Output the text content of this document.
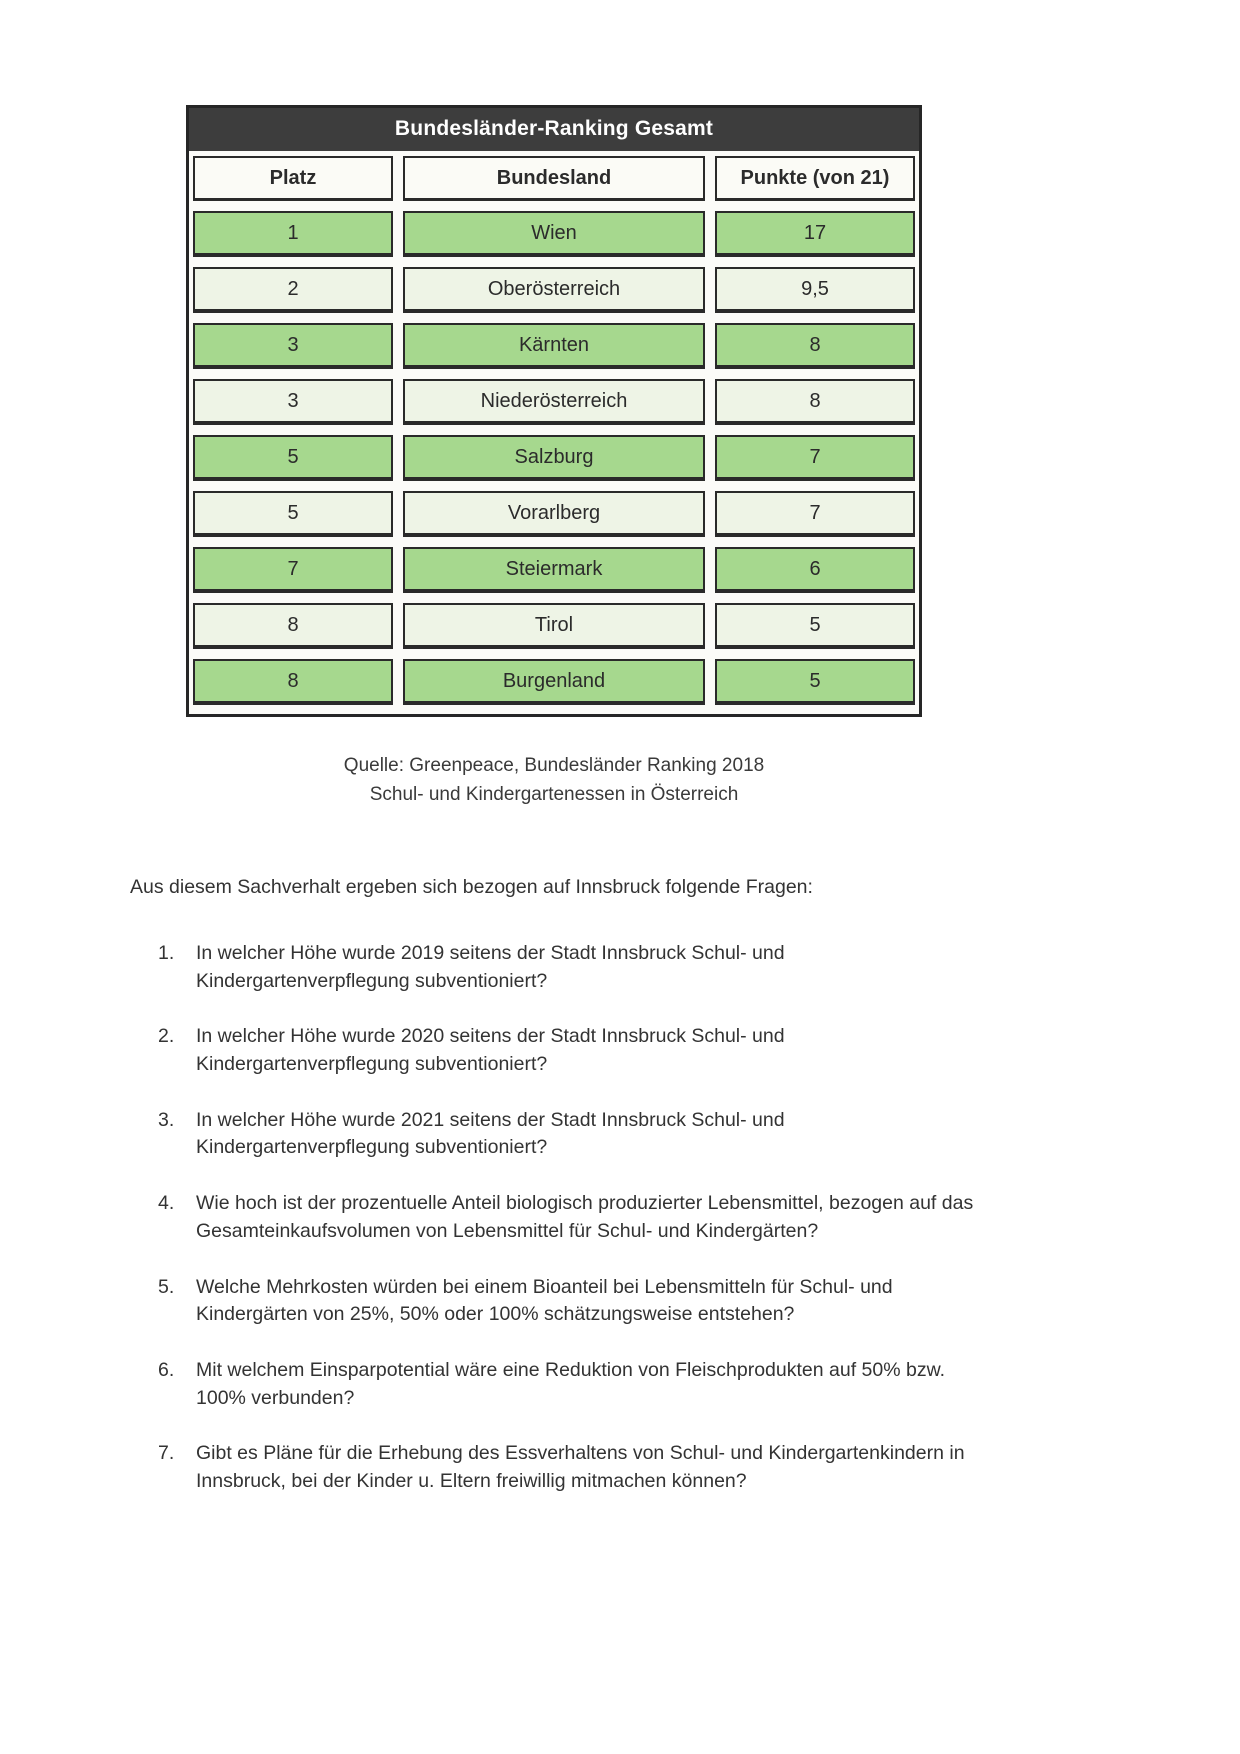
Bundesländer-Ranking Gesamt
Platz	Bundesland	Punkte (von 21)
1	Wien	17
2	Oberösterreich	9,5
3	Kärnten	8
3	Niederösterreich	8
5	Salzburg	7
5	Vorarlberg	7
7	Steiermark	6
8	Tirol	5
8	Burgenland	5
Quelle: Greenpeace, Bundesländer Ranking 2018
Schul- und Kindergartenessen in Österreich
Aus diesem Sachverhalt ergeben sich bezogen auf Innsbruck folgende Fragen:
1.	In welcher Höhe wurde 2019 seitens der Stadt Innsbruck Schul- und Kindergartenverpflegung subventioniert?
2.	In welcher Höhe wurde 2020 seitens der Stadt Innsbruck Schul- und Kindergartenverpflegung subventioniert?
3.	In welcher Höhe wurde 2021 seitens der Stadt Innsbruck Schul- und Kindergartenverpflegung subventioniert?
4.	Wie hoch ist der prozentuelle Anteil biologisch produzierter Lebensmittel, bezogen auf das Gesamteinkaufsvolumen von Lebensmittel für Schul- und Kindergärten?
5.	Welche Mehrkosten würden bei einem Bioanteil bei Lebensmitteln für Schul- und Kindergärten von 25%, 50% oder 100% schätzungsweise entstehen?
6.	Mit welchem Einsparpotential wäre eine Reduktion von Fleischprodukten auf 50% bzw. 100% verbunden?
7.	Gibt es Pläne für die Erhebung des Essverhaltens von Schul- und Kindergartenkindern in Innsbruck, bei der Kinder u. Eltern freiwillig mitmachen können?
